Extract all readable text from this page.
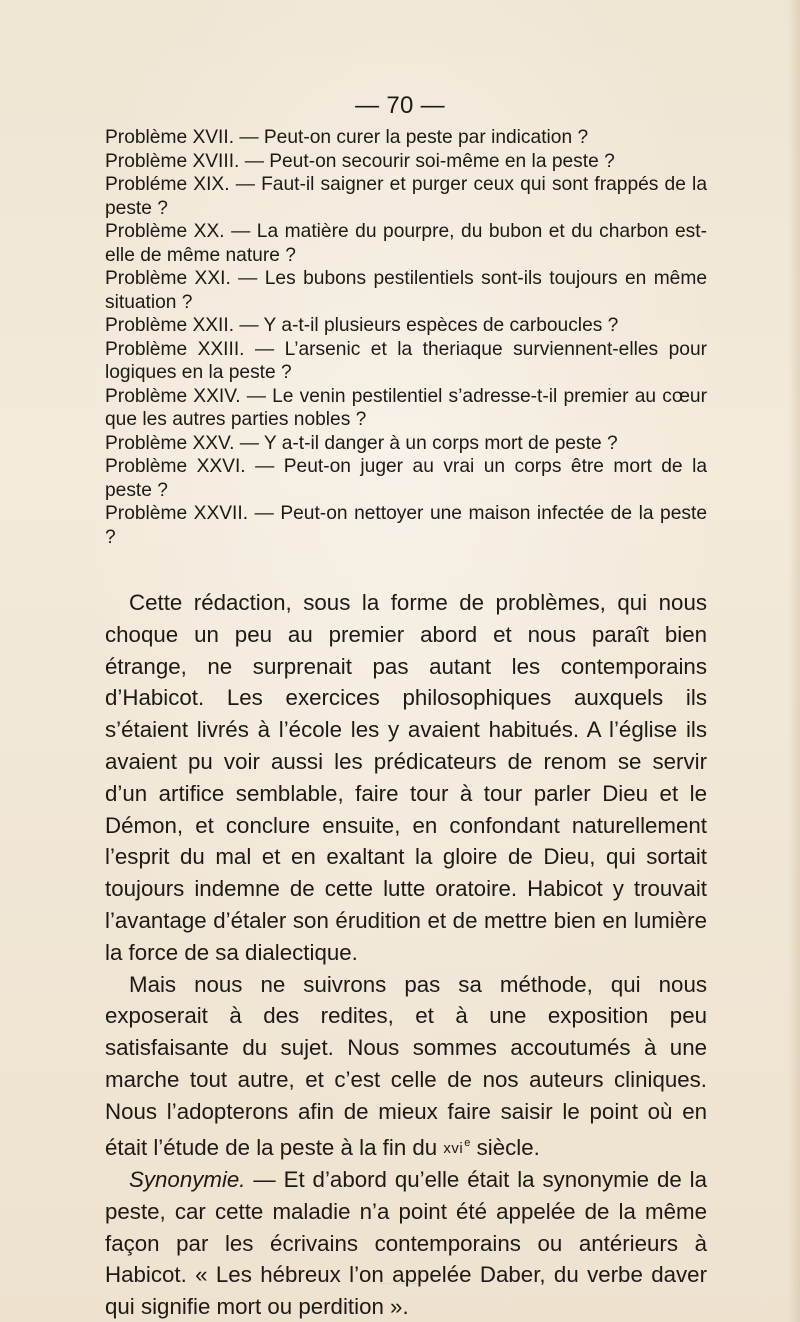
— 70 —

Problème XVII. — Peut-on curer la peste par indication ?

Problème XVIII. — Peut-on secourir soi-même en la peste ?

Probléme XIX. — Faut-il saigner et purger ceux qui sont frappés de la peste ?

Problème XX. — La matière du pourpre, du bubon et du charbon est-elle de même nature ?

Problème XXI. — Les bubons pestilentiels sont-ils toujours en même situation ?

Problème XXII. — Y a-t-il plusieurs espèces de carboucles ?

Problème XXIII. — L’arsenic et la theriaque surviennent-elles pour logiques en la peste ?

Problème XXIV. — Le venin pestilentiel s’adresse-t-il premier au cœur que les autres parties nobles ?

Problème XXV. — Y a-t-il danger à un corps mort de peste ?

Problème XXVI. — Peut-on juger au vrai un corps être mort de la peste ?

Problème XXVII. — Peut-on nettoyer une maison infectée de la peste ?

Cette rédaction, sous la forme de problèmes, qui nous choque un peu au premier abord et nous paraît bien étrange, ne surprenait pas autant les contemporains d’Habicot. Les exercices philosophiques auxquels ils s’étaient livrés à l’école les y avaient habitués. A l’église ils avaient pu voir aussi les prédicateurs de renom se servir d’un artifice semblable, faire tour à tour parler Dieu et le Démon, et conclure ensuite, en confondant naturellement l’esprit du mal et en exaltant la gloire de Dieu, qui sortait toujours indemne de cette lutte oratoire. Habicot y trouvait l’avantage d’étaler son érudition et de mettre bien en lumière la force de sa dialectique.

Mais nous ne suivrons pas sa méthode, qui nous exposerait à des redites, et à une exposition peu satisfaisante du sujet. Nous sommes accoutumés à une marche tout autre, et c’est celle de nos auteurs cliniques. Nous l’adopterons afin de mieux faire saisir le point où en était l’étude de la peste à la fin du xvi$^e$ siècle.

Synonymie. — Et d’abord qu’elle était la synonymie de la peste, car cette maladie n’a point été appelée de la même façon par les écrivains contemporains ou antérieurs à Habicot. « Les hébreux l’on appelée Daber, du verbe daver qui signifie mort ou perdition ».
